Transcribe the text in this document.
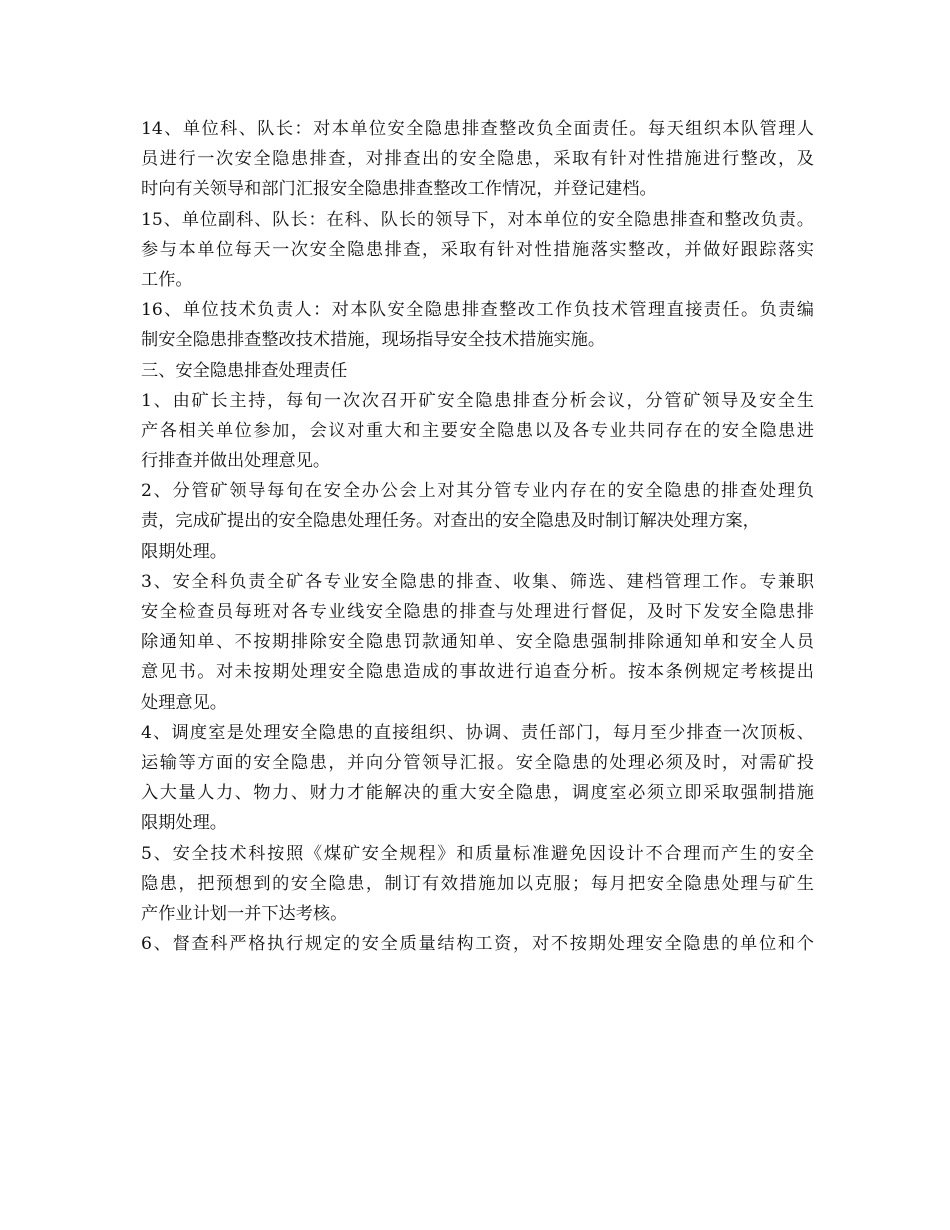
14、单位科、队长：对本单位安全隐患排查整改负全面责任。每天组织本队管理人
员进行一次安全隐患排查，对排查出的安全隐患，采取有针对性措施进行整改，及
时向有关领导和部门汇报安全隐患排查整改工作情况，并登记建档。
15、单位副科、队长：在科、队长的领导下，对本单位的安全隐患排查和整改负责。
参与本单位每天一次安全隐患排查，采取有针对性措施落实整改，并做好跟踪落实
工作。
16、单位技术负责人：对本队安全隐患排查整改工作负技术管理直接责任。负责编
制安全隐患排查整改技术措施，现场指导安全技术措施实施。
三、安全隐患排查处理责任
1、由矿长主持，每旬一次次召开矿安全隐患排查分析会议，分管矿领导及安全生
产各相关单位参加，会议对重大和主要安全隐患以及各专业共同存在的安全隐患进
行排查并做出处理意见。
2、分管矿领导每旬在安全办公会上对其分管专业内存在的安全隐患的排查处理负
责，完成矿提出的安全隐患处理任务。对查出的安全隐患及时制订解决处理方案，
限期处理。
3、安全科负责全矿各专业安全隐患的排查、收集、筛选、建档管理工作。专兼职
安全检查员每班对各专业线安全隐患的排查与处理进行督促，及时下发安全隐患排
除通知单、不按期排除安全隐患罚款通知单、安全隐患强制排除通知单和安全人员
意见书。对未按期处理安全隐患造成的事故进行追查分析。按本条例规定考核提出
处理意见。
4、调度室是处理安全隐患的直接组织、协调、责任部门，每月至少排查一次顶板、
运输等方面的安全隐患，并向分管领导汇报。安全隐患的处理必须及时，对需矿投
入大量人力、物力、财力才能解决的重大安全隐患，调度室必须立即采取强制措施
限期处理。
5、安全技术科按照《煤矿安全规程》和质量标准避免因设计不合理而产生的安全
隐患，把预想到的安全隐患，制订有效措施加以克服；每月把安全隐患处理与矿生
产作业计划一并下达考核。
6、督查科严格执行规定的安全质量结构工资，对不按期处理安全隐患的单位和个
